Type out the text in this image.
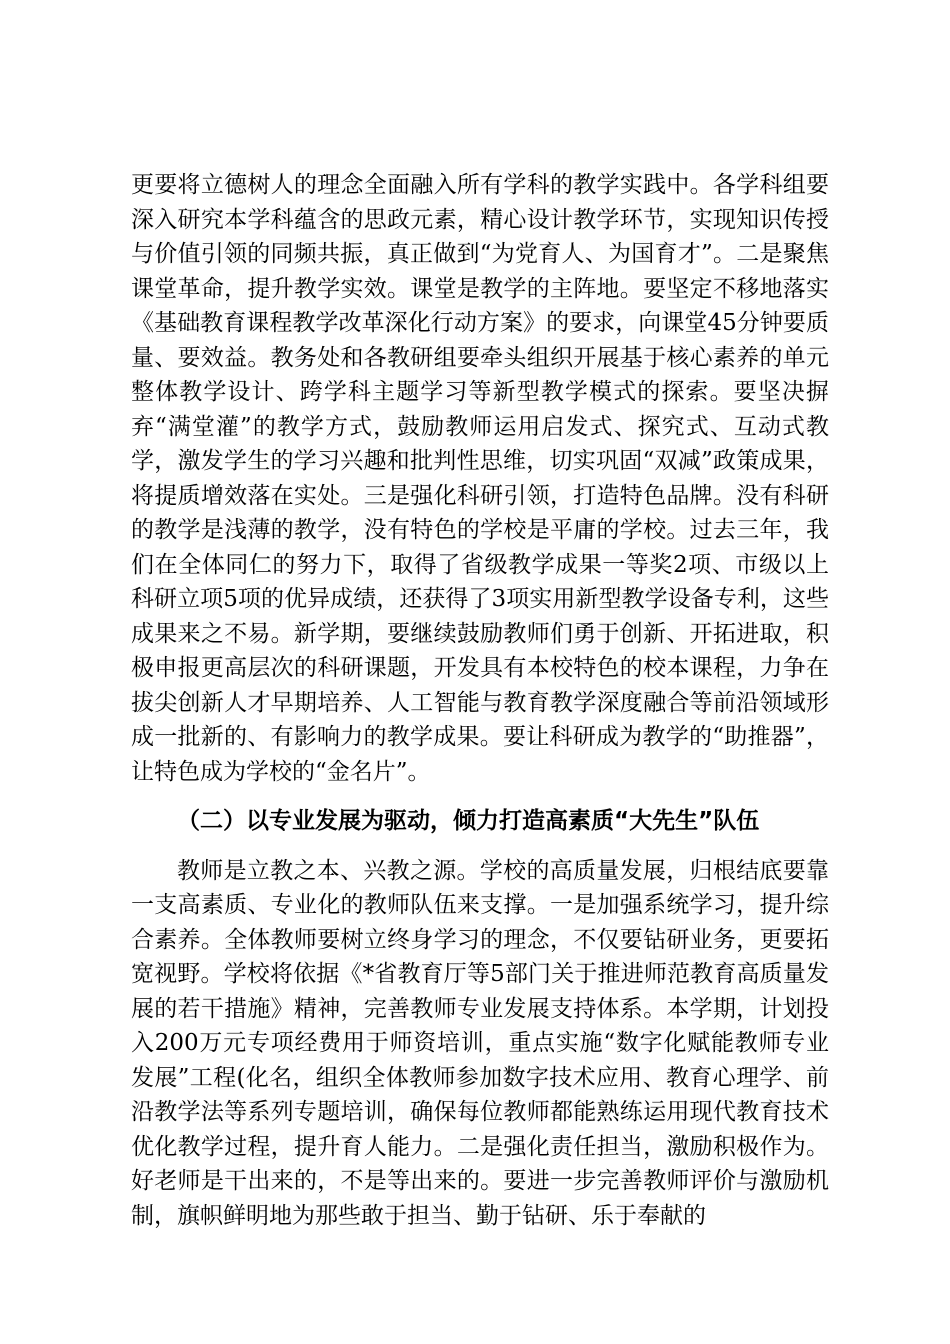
更要将立德树人的理念全面融入所有学科的教学实践中。各学科组要深入研究本学科蕴含的思政元素，精心设计教学环节，实现知识传授与价值引领的同频共振，真正做到“为党育人、为国育才”。二是聚焦课堂革命，提升教学实效。课堂是教学的主阵地。要坚定不移地落实《基础教育课程教学改革深化行动方案》的要求，向课堂45分钟要质量、要效益。教务处和各教研组要牵头组织开展基于核心素养的单元整体教学设计、跨学科主题学习等新型教学模式的探索。要坚决摒弃“满堂灌”的教学方式，鼓励教师运用启发式、探究式、互动式教学，激发学生的学习兴趣和批判性思维，切实巩固“双减”政策成果，将提质增效落在实处。三是强化科研引领，打造特色品牌。没有科研的教学是浅薄的教学，没有特色的学校是平庸的学校。过去三年，我们在全体同仁的努力下，取得了省级教学成果一等奖2项、市级以上科研立项5项的优异成绩，还获得了3项实用新型教学设备专利，这些成果来之不易。新学期，要继续鼓励教师们勇于创新、开拓进取，积极申报更高层次的科研课题，开发具有本校特色的校本课程，力争在拔尖创新人才早期培养、人工智能与教育教学深度融合等前沿领域形成一批新的、有影响力的教学成果。要让科研成为教学的“助推器”，让特色成为学校的“金名片”。

（二）以专业发展为驱动，倾力打造高素质“大先生”队伍

教师是立教之本、兴教之源。学校的高质量发展，归根结底要靠一支高素质、专业化的教师队伍来支撑。一是加强系统学习，提升综合素养。全体教师要树立终身学习的理念，不仅要钻研业务，更要拓宽视野。学校将依据《*省教育厅等5部门关于推进师范教育高质量发展的若干措施》精神，完善教师专业发展支持体系。本学期，计划投入200万元专项经费用于师资培训，重点实施“数字化赋能教师专业发展”工程(化名，组织全体教师参加数字技术应用、教育心理学、前沿教学法等系列专题培训，确保每位教师都能熟练运用现代教育技术优化教学过程，提升育人能力。二是强化责任担当，激励积极作为。好老师是干出来的，不是等出来的。要进一步完善教师评价与激励机制，旗帜鲜明地为那些敢于担当、勤于钻研、乐于奉献的
